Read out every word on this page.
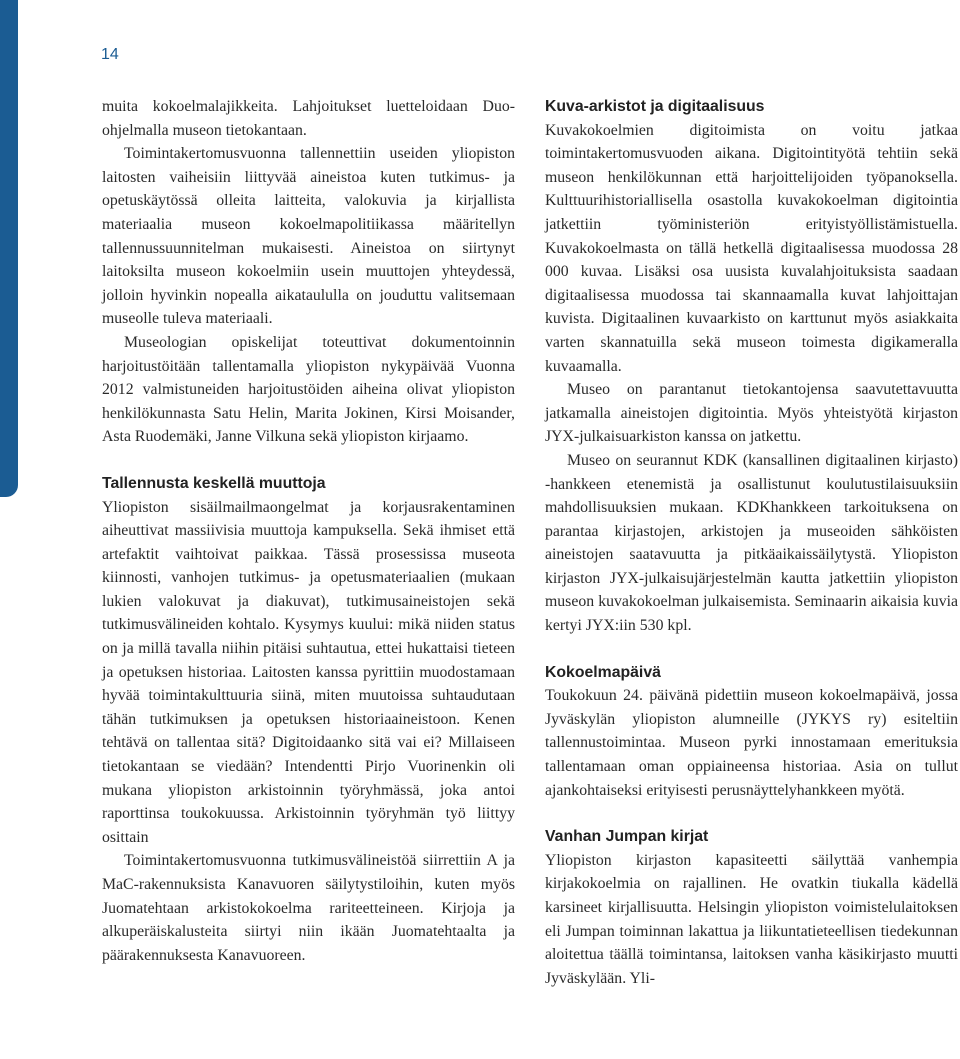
14

muita kokoelmalajikkeita. Lahjoitukset luetteloidaan Duo-ohjelmalla museon tietokantaan.

Toimintakertomusvuonna tallennettiin useiden yliopiston laitosten vaiheisiin liittyvää aineistoa kuten tutkimus- ja opetuskäytössä olleita laitteita, valokuvia ja kirjallista materiaalia museon kokoelmapolitiikassa määritellyn tallennussuunnitelman mukaisesti. Aineistoa on siirtynyt laitoksilta museon kokoelmiin usein muuttojen yhteydessä, jolloin hyvinkin nopealla aikataululla on jouduttu valitsemaan museolle tuleva materiaali.

Museologian opiskelijat toteuttivat dokumentoinnin harjoitustöitään tallentamalla yliopiston nykypäivää Vuonna 2012 valmistuneiden harjoitustöiden aiheina olivat yliopiston henkilökunnasta Satu Helin, Marita Jokinen, Kirsi Moisander, Asta Ruodemäki, Janne Vilkuna sekä yliopiston kirjaamo.

Tallennusta keskellä muuttoja

Yliopiston sisäilmailmaongelmat ja korjausrakentaminen aiheuttivat massiivisia muuttoja kampuksella. Sekä ihmiset että artefaktit vaihtoivat paikkaa. Tässä prosessissa museota kiinnosti, vanhojen tutkimus- ja opetusmateriaalien (mukaan lukien valokuvat ja diakuvat), tutkimusaineistojen sekä tutkimusvälineiden kohtalo. Kysymys kuului: mikä niiden status on ja millä tavalla niihin pitäisi suhtautua, ettei hukattaisi tieteen ja opetuksen historiaa. Laitosten kanssa pyrittiin muodostamaan hyvää toimintakulttuuria siinä, miten muutoissa suhtaudutaan tähän tutkimuksen ja opetuksen historiaaineistoon. Kenen tehtävä on tallentaa sitä? Digitoidaanko sitä vai ei? Millaiseen tietokantaan se viedään? Intendentti Pirjo Vuorinenkin oli mukana yliopiston arkistoinnin työryhmässä, joka antoi raporttinsa toukokuussa. Arkistoinnin työryhmän työ liittyy osittain

Toimintakertomusvuonna tutkimusvälineistöä siirrettiin A ja MaC-rakennuksista Kanavuoren säilytystiloihin, kuten myös Juomatehtaan arkistokokoelma rariteetteineen. Kirjoja ja alkuperäiskalusteita siirtyi niin ikään Juomatehtaalta ja päärakennuksesta Kanavuoreen.

Kuva-arkistot ja digitaalisuus

Kuvakokoelmien digitoimista on voitu jatkaa toimintakertomusvuoden aikana. Digitointityötä tehtiin sekä museon henkilökunnan että harjoittelijoiden työpanoksella. Kulttuurihistoriallisella osastolla kuvakokoelman digitointia jatkettiin työministeriön erityistyöllistämistuella. Kuvakokoelmasta on tällä hetkellä digitaalisessa muodossa 28 000 kuvaa. Lisäksi osa uusista kuvalahjoituksista saadaan digitaalisessa muodossa tai skannaamalla kuvat lahjoittajan kuvista. Digitaalinen kuvaarkisto on karttunut myös asiakkaita varten skannatuilla sekä museon toimesta digikameralla kuvaamalla.

Museo on parantanut tietokantojensa saavutettavuutta jatkamalla aineistojen digitointia. Myös yhteistyötä kirjaston JYX-julkaisuarkiston kanssa on jatkettu.

Museo on seurannut KDK (kansallinen digitaalinen kirjasto) -hankkeen etenemistä ja osallistunut koulutustilaisuuksiin mahdollisuuksien mukaan. KDKhankkeen tarkoituksena on parantaa kirjastojen, arkistojen ja museoiden sähköisten aineistojen saatavuutta ja pitkäaikaissäilytystä. Yliopiston kirjaston JYX-julkaisujärjestelmän kautta jatkettiin yliopiston museon kuvakokoelman julkaisemista. Seminaarin aikaisia kuvia kertyi JYX:iin 530 kpl.

Kokoelmapäivä

Toukokuun 24. päivänä pidettiin museon kokoelmapäivä, jossa Jyväskylän yliopiston alumneille (JYKYS ry) esiteltiin tallennustoimintaa. Museon pyrki innostamaan emerituksia tallentamaan oman oppiaineensa historiaa. Asia on tullut ajankohtaiseksi erityisesti perusnäyttelyhankkeen myötä.

Vanhan Jumpan kirjat

Yliopiston kirjaston kapasiteetti säilyttää vanhempia kirjakokoelmia on rajallinen. He ovatkin tiukalla kädellä karsineet kirjallisuutta. Helsingin yliopiston voimistelulaitoksen eli Jumpan toiminnan lakattua ja liikuntatieteellisen tiedekunnan aloitettua täällä toimintansa, laitoksen vanha käsikirjasto muutti Jyväskylään. Yli-
